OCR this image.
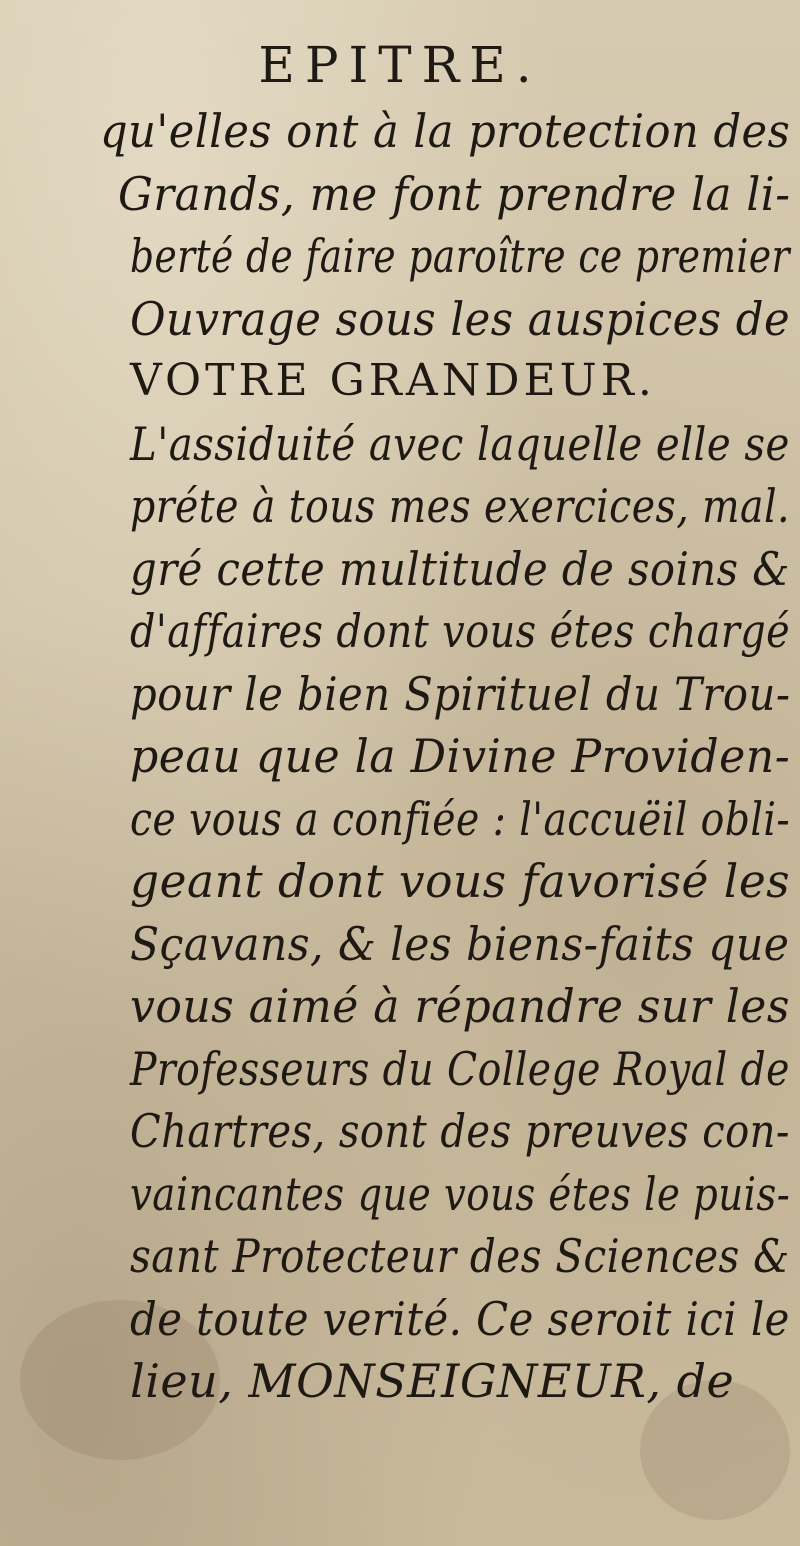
EPITRE.
qu'elles ont à la protection des
Grands, me font prendre la li-
berté de faire paroître ce premier
Ouvrage sous les auspices de
VOTRE GRANDEUR.
L'assiduité avec laquelle elle se
préte à tous mes exercices, mal.
gré cette multitude de soins &
d'affaires dont vous étes chargé
pour le bien Spirituel du Trou-
peau que la Divine Providen-
ce vous a confiée : l'accuëil obli-
geant dont vous favorisé les
Sçavans, & les biens-faits que
vous aimé à répandre sur les
Professeurs du College Royal de
Chartres, sont des preuves con-
vaincantes que vous étes le puis-
sant Protecteur des Sciences &
de toute verité. Ce seroit ici le
lieu, MONSEIGNEUR, de
